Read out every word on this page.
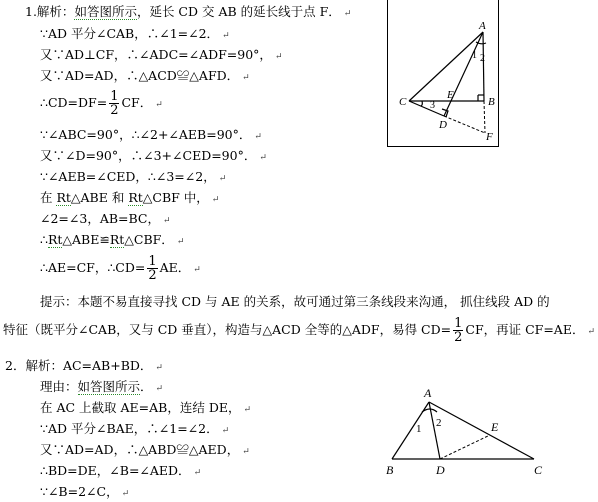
1.解析：如答图所示，延长 CD 交 AB 的延长线于点 F． ↵
∵AD 平分∠CAB，∴∠1=∠2． ↵
又∵AD⊥CF，∴∠ADC=∠ADF=90°， ↵
又∵AD=AD，∴△ACD≌△AFD． ↵
∴CD=DF= $\frac{1}{2}$ CF． ↵
∵∠ABC=90°，∴∠2+∠AEB=90°． ↵
又∵∠D=90°，∴∠3+∠CED=90°． ↵
∵∠AEB=∠CED，∴∠3=∠2， ↵
在 Rt△ABE 和 Rt△CBF 中， ↵
∠2=∠3，AB=BC， ↵
∴Rt△ABE≌Rt△CBF． ↵
∴AE=CF，∴CD= $\frac{1}{2}$ AE． ↵
提示：本题不易直接寻找 CD 与 AE 的关系，故可通过第三条线段来沟通， 抓住线段 AD 的
特征（既平分∠CAB，又与 CD 垂直），构造与△ACD 全等的△ADF，易得 $CD= \frac{1}{2}$ CF，再证 CF=AE． ↵
2．解析：AC=AB+BD． ↵
理由：如答图所示． ↵
在 AC 上截取 AE=AB，连结 DE， ↵
∵AD 平分∠BAE，∴∠1=∠2． ↵
又∵AD=AD，∴△ABD≌△AED， ↵
∴BD=DE，∠B=∠AED． ↵
∵∠B=2∠C， ↵
A
B
C
D
E
F
1 2
3
A
B	C
D
E
1 2
